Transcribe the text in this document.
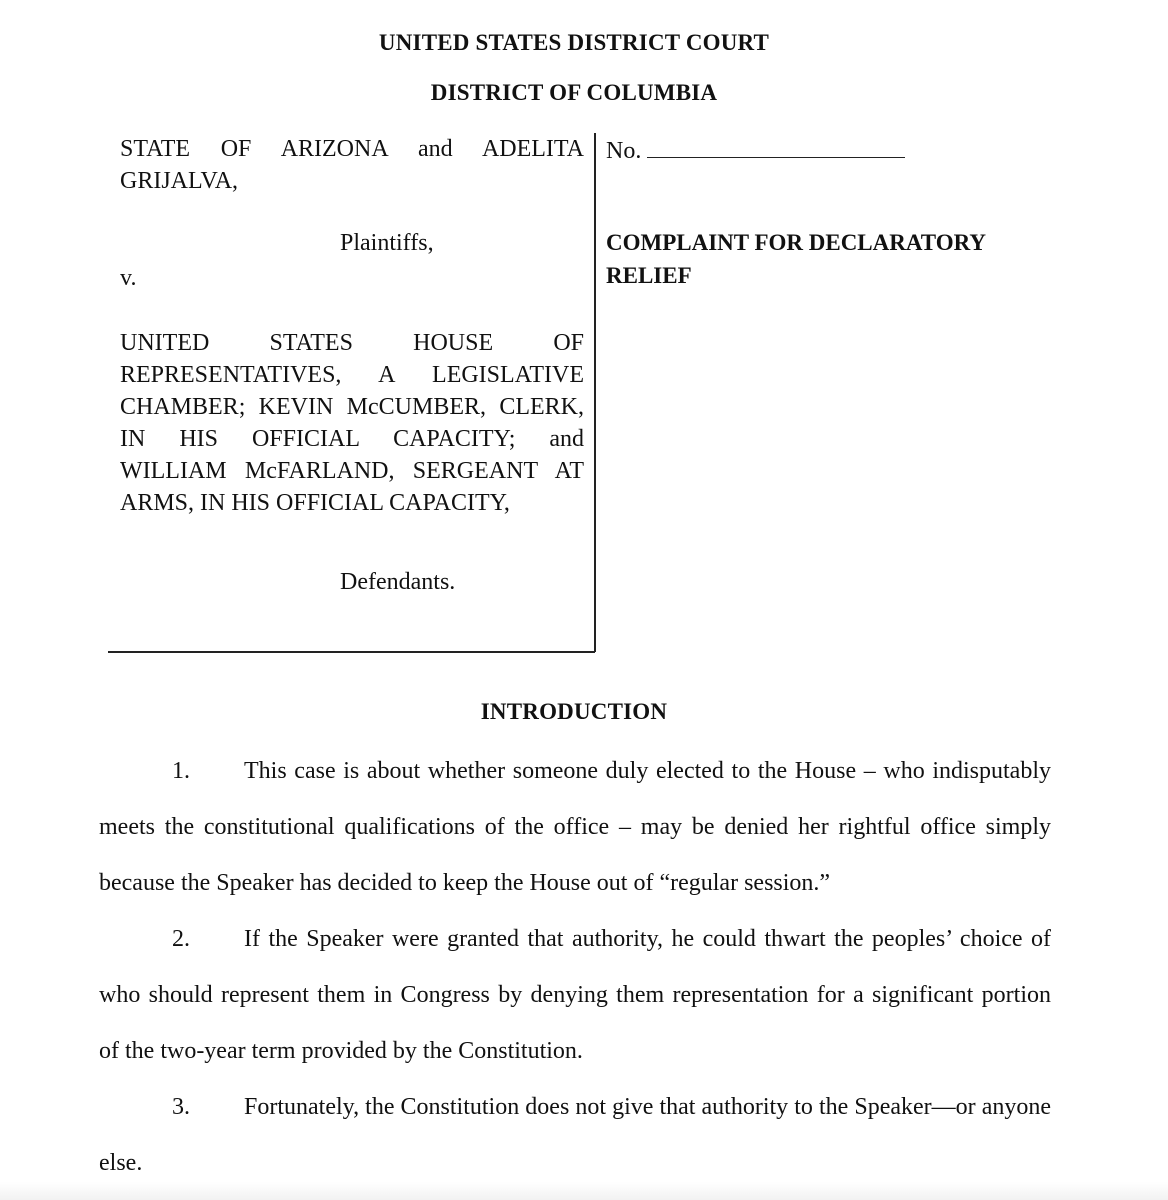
UNITED STATES DISTRICT COURT
DISTRICT OF COLUMBIA
STATE OF ARIZONA and ADELITA GRIJALVA,
Plaintiffs,
v.
UNITED STATES HOUSE OF REPRESENTATIVES, A LEGISLATIVE CHAMBER; KEVIN McCUMBER, CLERK, IN HIS OFFICIAL CAPACITY; and WILLIAM McFARLAND, SERGEANT AT ARMS, IN HIS OFFICIAL CAPACITY,
Defendants.
No.
COMPLAINT FOR DECLARATORY RELIEF
INTRODUCTION
1. This case is about whether someone duly elected to the House – who indisputably
meets the constitutional qualifications of the office – may be denied her rightful office simply
because the Speaker has decided to keep the House out of “regular session.”
2. If the Speaker were granted that authority, he could thwart the peoples’ choice of
who should represent them in Congress by denying them representation for a significant portion
of the two-year term provided by the Constitution.
3. Fortunately, the Constitution does not give that authority to the Speaker—or anyone
else.
